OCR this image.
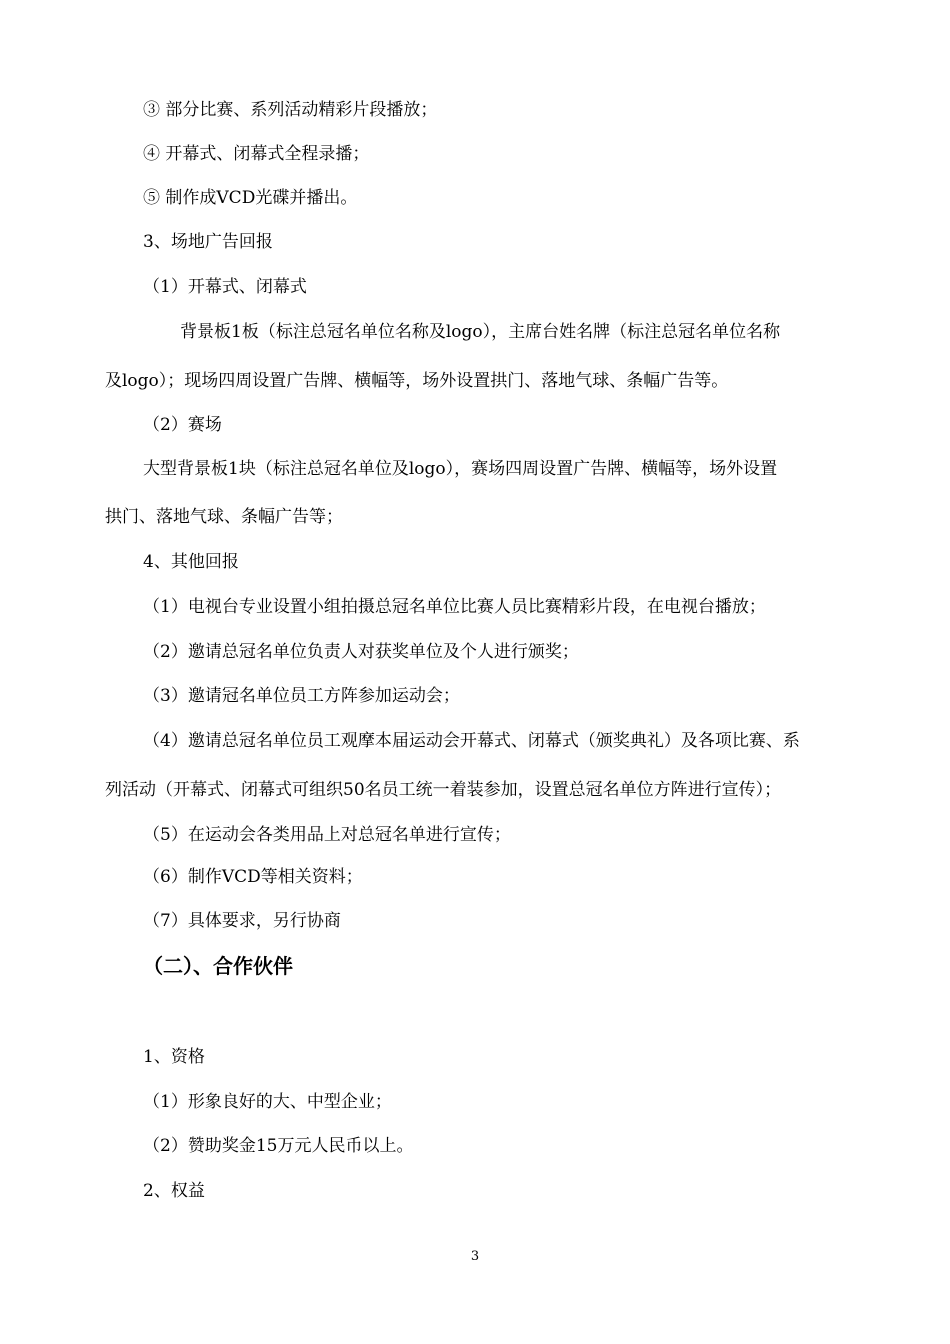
③ 部分比赛、系列活动精彩片段播放；
④ 开幕式、闭幕式全程录播；
⑤ 制作成VCD光碟并播出。
3、场地广告回报
（1）开幕式、闭幕式
背景板1板（标注总冠名单位名称及logo），主席台姓名牌（标注总冠名单位名称
及logo）；现场四周设置广告牌、横幅等，场外设置拱门、落地气球、条幅广告等。
（2）赛场
大型背景板1块（标注总冠名单位及logo），赛场四周设置广告牌、横幅等，场外设置
拱门、落地气球、条幅广告等；
4、其他回报
（1）电视台专业设置小组拍摄总冠名单位比赛人员比赛精彩片段，在电视台播放；
（2）邀请总冠名单位负责人对获奖单位及个人进行颁奖；
（3）邀请冠名单位员工方阵参加运动会；
（4）邀请总冠名单位员工观摩本届运动会开幕式、闭幕式（颁奖典礼）及各项比赛、系
列活动（开幕式、闭幕式可组织50名员工统一着装参加，设置总冠名单位方阵进行宣传）；
（5）在运动会各类用品上对总冠名单进行宣传；
（6）制作VCD等相关资料；
（7）具体要求，另行协商
（二）、合作伙伴
1、资格
（1）形象良好的大、中型企业；
（2）赞助奖金15万元人民币以上。
2、权益
3
